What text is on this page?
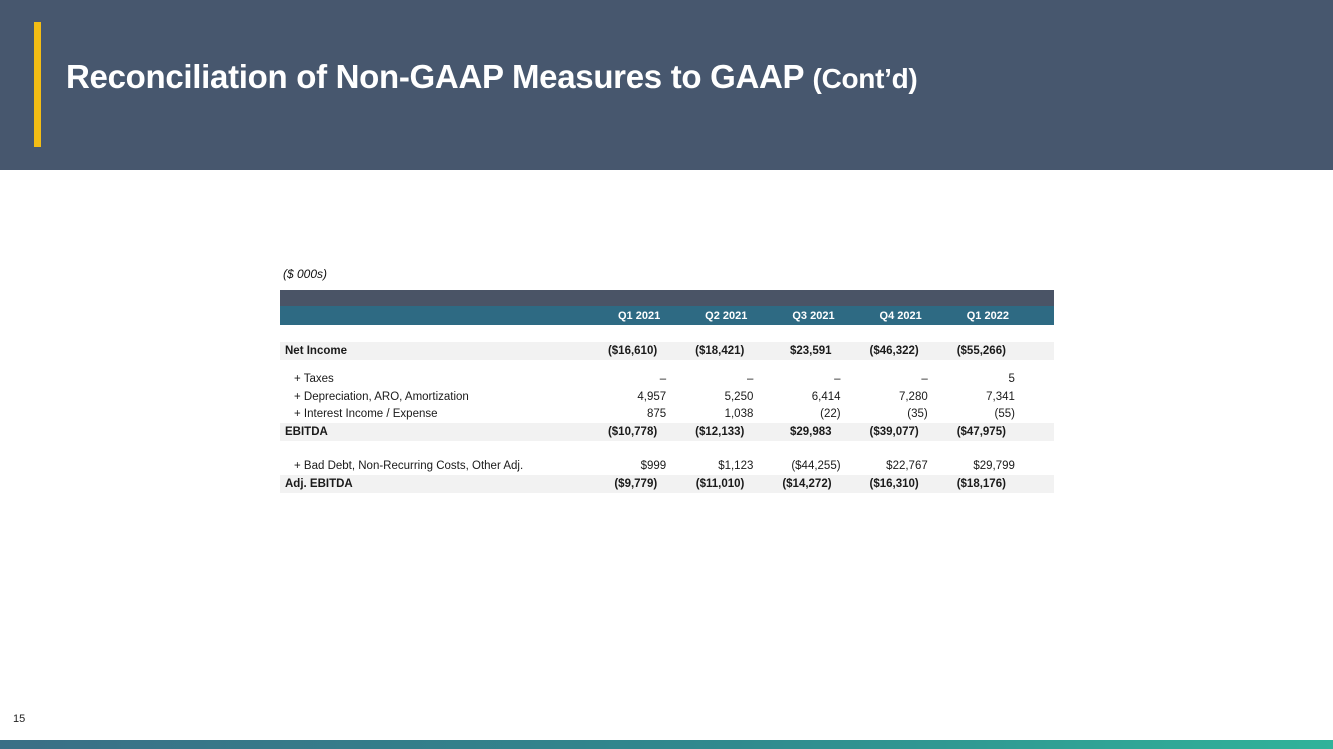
Reconciliation of Non-GAAP Measures to GAAP (Cont’d)
($ 000s)
Q1 2021	Q2 2021	Q3 2021	Q4 2021	Q1 2022
Net Income	($16,610)	($18,421)	$23,591	($46,322)	($55,266)
+ Taxes	–	–	–	–	5
+ Depreciation, ARO, Amortization	4,957	5,250	6,414	7,280	7,341
+ Interest Income / Expense	875	1,038	(22)	(35)	(55)
EBITDA	($10,778)	($12,133)	$29,983	($39,077)	($47,975)
+ Bad Debt, Non-Recurring Costs, Other Adj.	$999	$1,123	($44,255)	$22,767	$29,799
Adj. EBITDA	($9,779)	($11,010)	($14,272)	($16,310)	($18,176)
15
